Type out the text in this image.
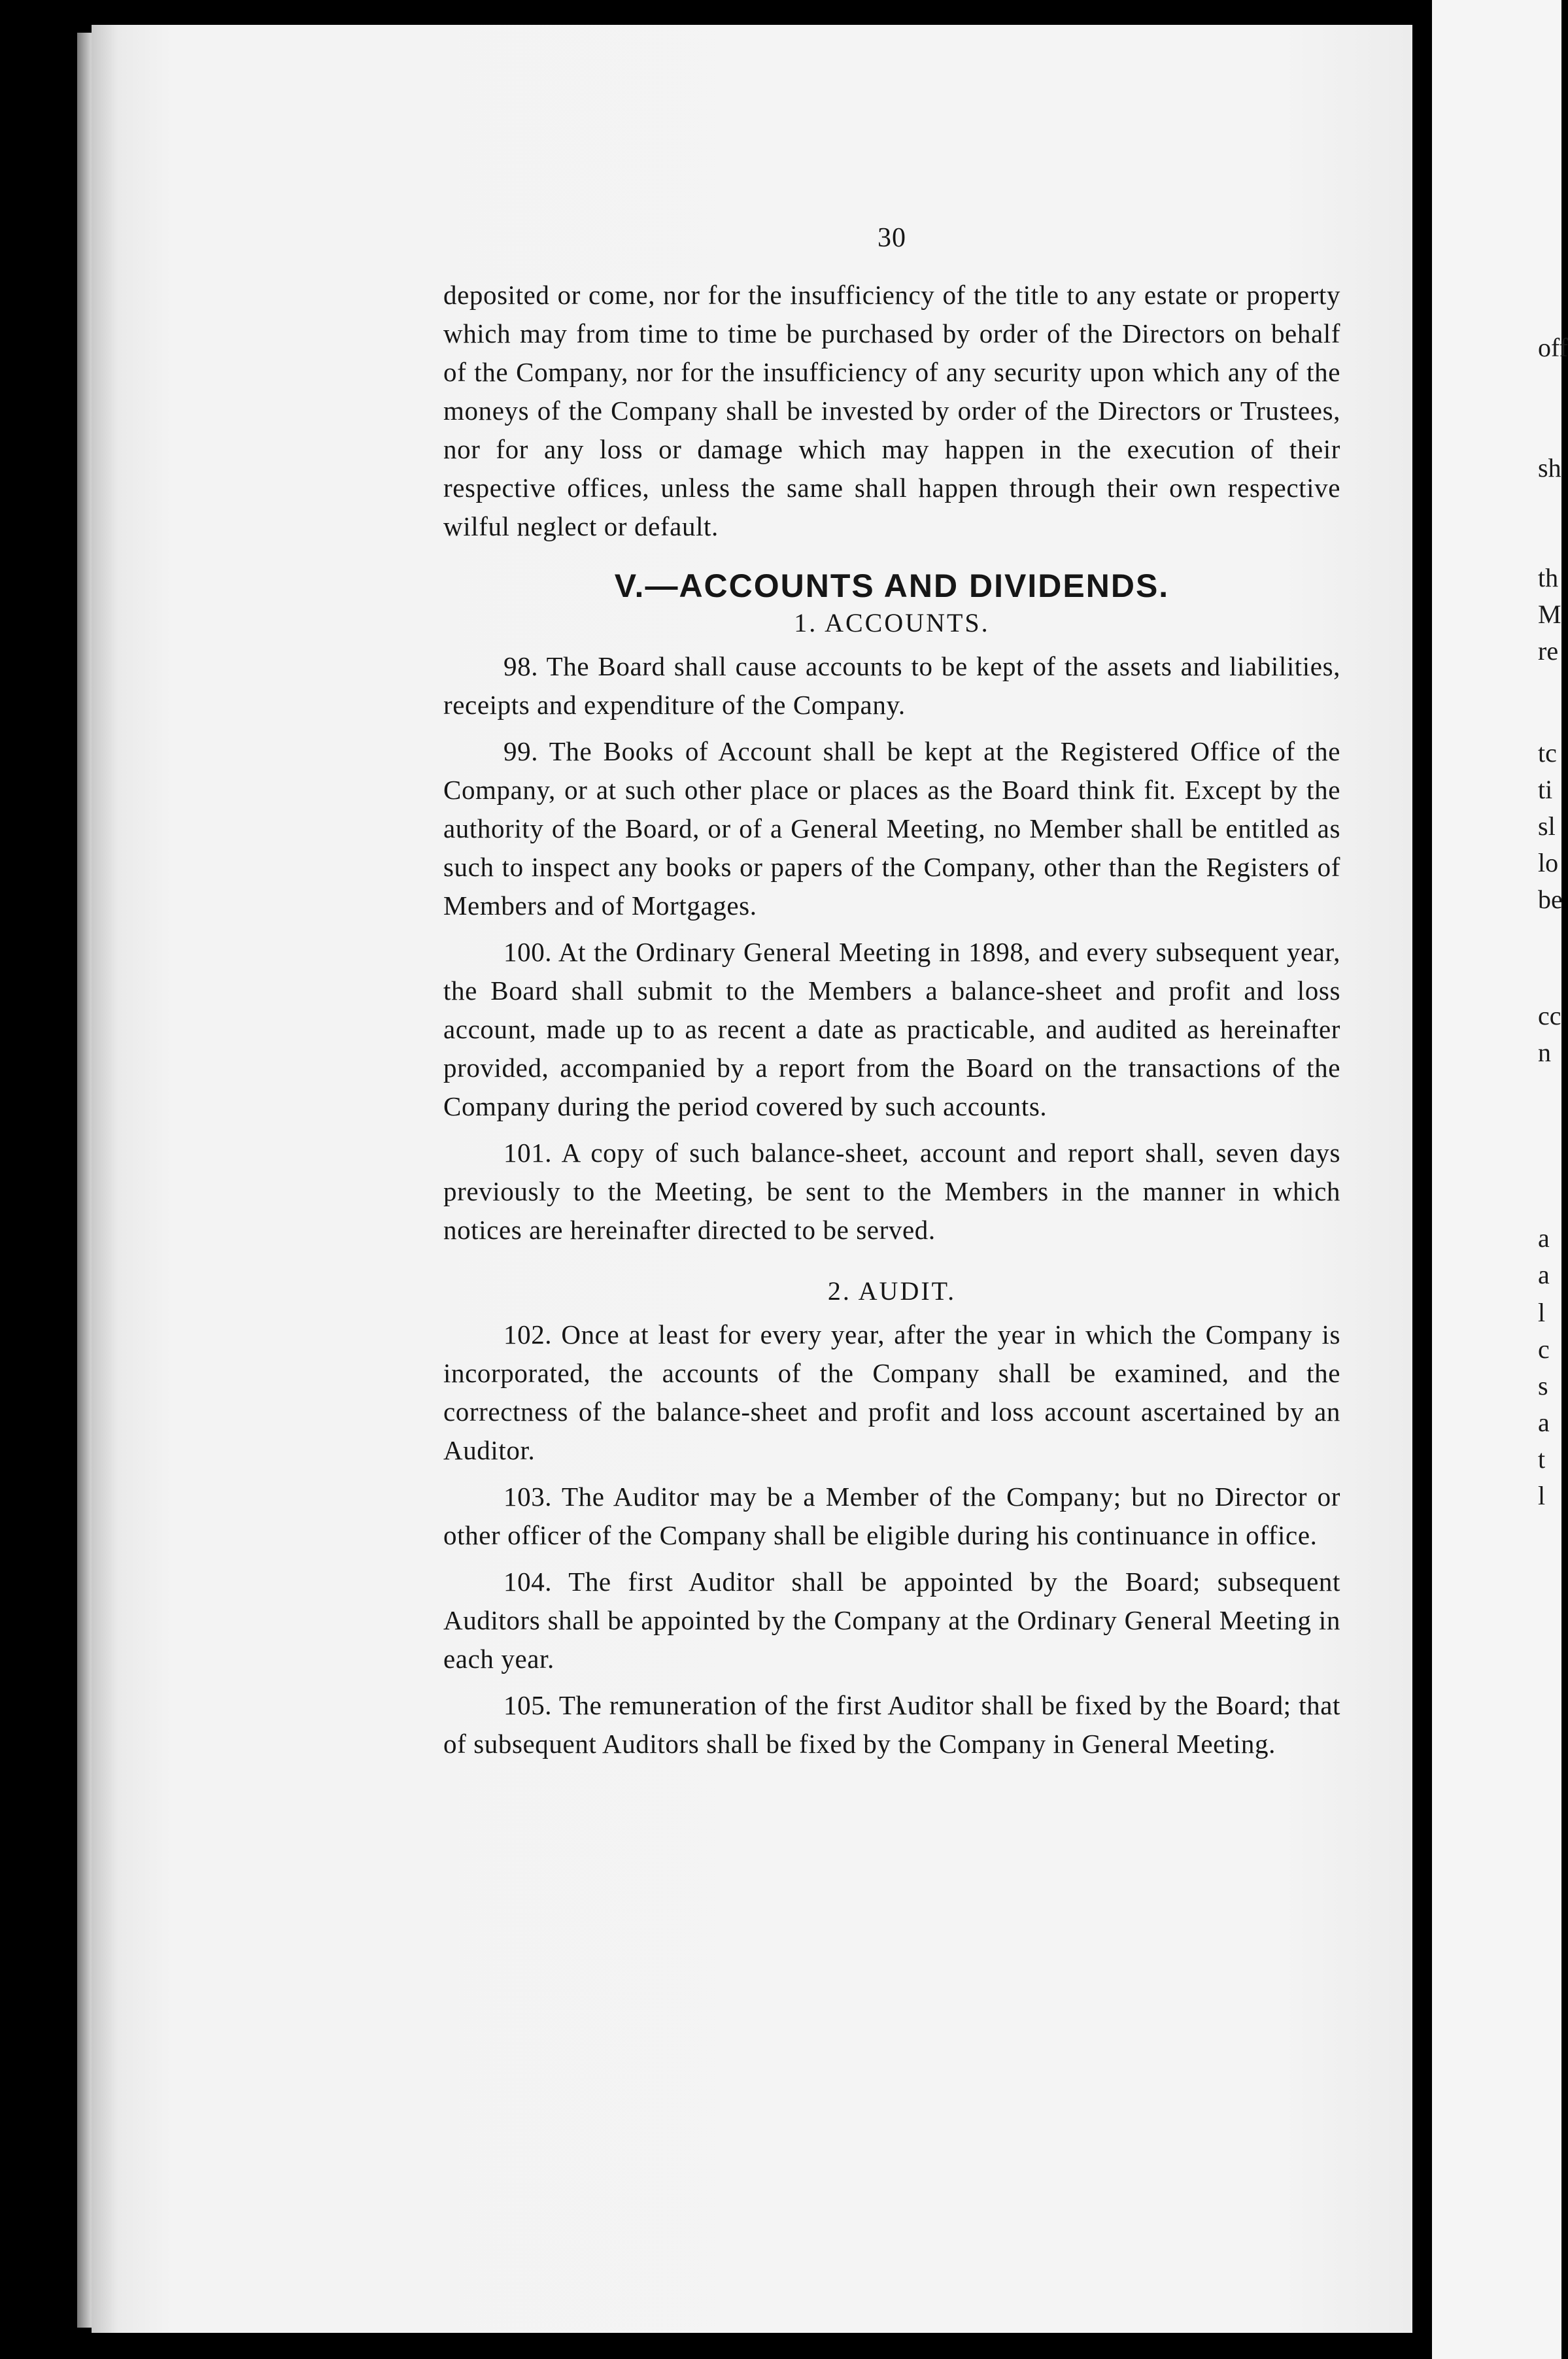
off
sh
th
M
re
tc
ti
sl
lo
be
cc
n
a
a
l
c
s
a
t
l
30

deposited or come, nor for the insufficiency of the title to any estate or property which may from time to time be purchased by order of the Directors on behalf of the Company, nor for the insufficiency of any security upon which any of the moneys of the Company shall be invested by order of the Directors or Trustees, nor for any loss or damage which may happen in the execution of their respective offices, unless the same shall happen through their own respective wilful neglect or default.

V.—ACCOUNTS AND DIVIDENDS.
1. ACCOUNTS.

98. The Board shall cause accounts to be kept of the assets and liabilities, receipts and expenditure of the Company.

99. The Books of Account shall be kept at the Registered Office of the Company, or at such other place or places as the Board think fit. Except by the authority of the Board, or of a General Meeting, no Member shall be entitled as such to inspect any books or papers of the Company, other than the Registers of Members and of Mortgages.

100. At the Ordinary General Meeting in 1898, and every subsequent year, the Board shall submit to the Members a balance-sheet and profit and loss account, made up to as recent a date as practicable, and audited as hereinafter provided, accompanied by a report from the Board on the transactions of the Company during the period covered by such accounts.

101. A copy of such balance-sheet, account and report shall, seven days previously to the Meeting, be sent to the Members in the manner in which notices are hereinafter directed to be served.

2. AUDIT.

102. Once at least for every year, after the year in which the Company is incorporated, the accounts of the Company shall be examined, and the correctness of the balance-sheet and profit and loss account ascertained by an Auditor.

103. The Auditor may be a Member of the Company; but no Director or other officer of the Company shall be eligible during his continuance in office.

104. The first Auditor shall be appointed by the Board; subsequent Auditors shall be appointed by the Company at the Ordinary General Meeting in each year.

105. The remuneration of the first Auditor shall be fixed by the Board; that of subsequent Auditors shall be fixed by the Company in General Meeting.
